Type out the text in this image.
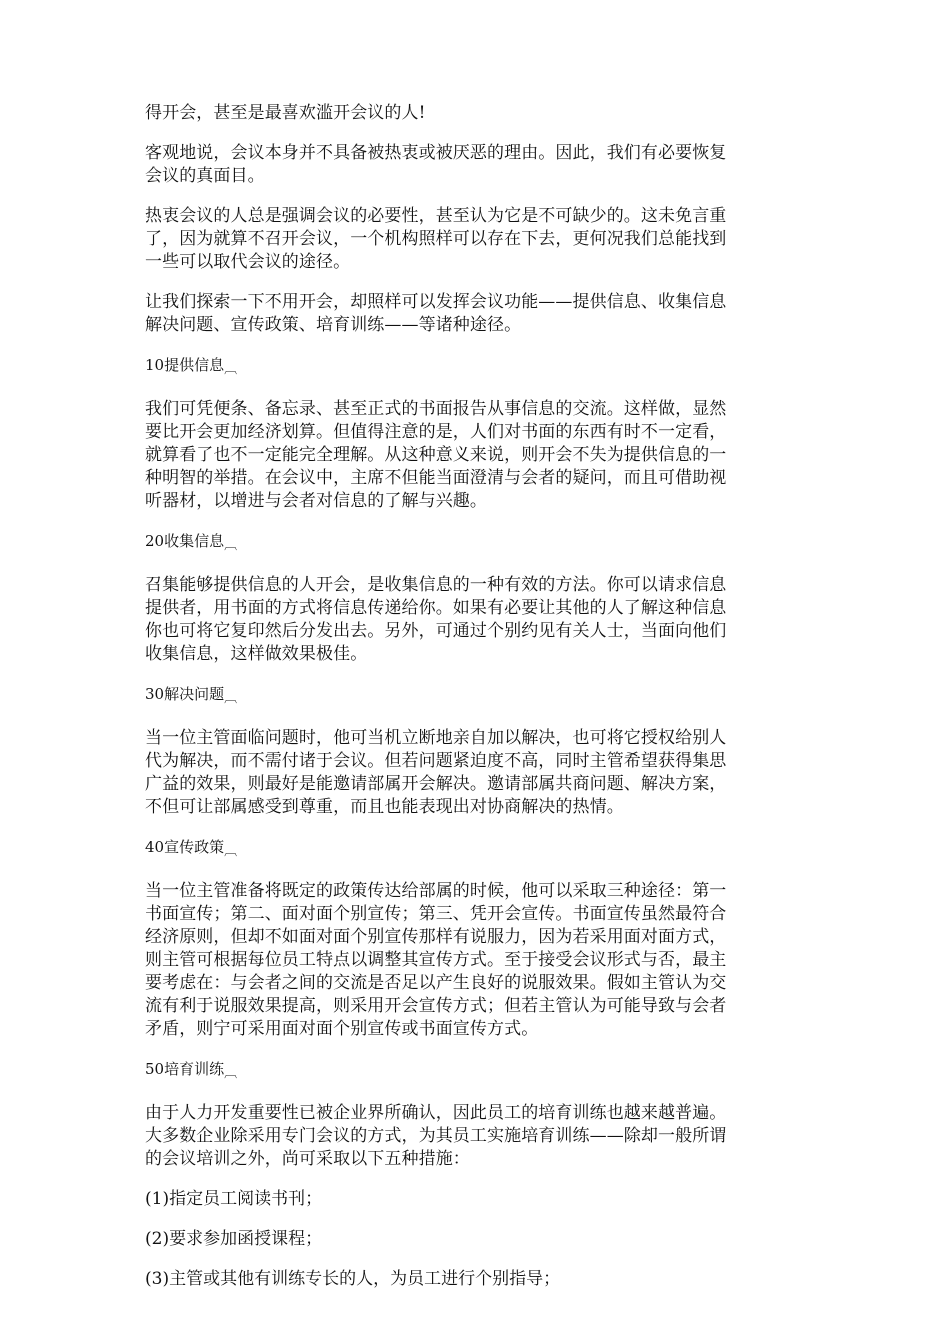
得开会，甚至是最喜欢滥开会议的人!

客观地说，会议本身并不具备被热衷或被厌恶的理由。因此，我们有必要恢复
会议的真面目。

热衷会议的人总是强调会议的必要性，甚至认为它是不可缺少的。这未免言重
了，因为就算不召开会议，一个机构照样可以存在下去，更何况我们总能找到
一些可以取代会议的途径。

让我们探索一下不用开会，却照样可以发挥会议功能——提供信息、收集信息
解决问题、宣传政策、培育训练——等诸种途径。

10提供信息︹

我们可凭便条、备忘录、甚至正式的书面报告从事信息的交流。这样做，显然
要比开会更加经济划算。但值得注意的是，人们对书面的东西有时不一定看，
就算看了也不一定能完全理解。从这种意义来说，则开会不失为提供信息的一
种明智的举措。在会议中，主席不但能当面澄清与会者的疑问，而且可借助视
听器材，以增进与会者对信息的了解与兴趣。

20收集信息︹

召集能够提供信息的人开会，是收集信息的一种有效的方法。你可以请求信息
提供者，用书面的方式将信息传递给你。如果有必要让其他的人了解这种信息
你也可将它复印然后分发出去。另外，可通过个别约见有关人士，当面向他们
收集信息，这样做效果极佳。

30解决问题︹

当一位主管面临问题时，他可当机立断地亲自加以解决，也可将它授权给别人
代为解决，而不需付诸于会议。但若问题紧迫度不高，同时主管希望获得集思
广益的效果，则最好是能邀请部属开会解决。邀请部属共商问题、解决方案，
不但可让部属感受到尊重，而且也能表现出对协商解决的热情。

40宣传政策︹

当一位主管准备将既定的政策传达给部属的时候，他可以采取三种途径：第一
书面宣传；第二、面对面个别宣传；第三、凭开会宣传。书面宣传虽然最符合
经济原则，但却不如面对面个别宣传那样有说服力，因为若采用面对面方式，
则主管可根据每位员工特点以调整其宣传方式。至于接受会议形式与否，最主
要考虑在：与会者之间的交流是否足以产生良好的说服效果。假如主管认为交
流有利于说服效果提高，则采用开会宣传方式；但若主管认为可能导致与会者
矛盾，则宁可采用面对面个别宣传或书面宣传方式。

50培育训练︹

由于人力开发重要性已被企业界所确认，因此员工的培育训练也越来越普遍。
大多数企业除采用专门会议的方式，为其员工实施培育训练——除却一般所谓
的会议培训之外，尚可采取以下五种措施：

(1)指定员工阅读书刊；

(2)要求参加函授课程；

(3)主管或其他有训练专长的人，为员工进行个别指导；
